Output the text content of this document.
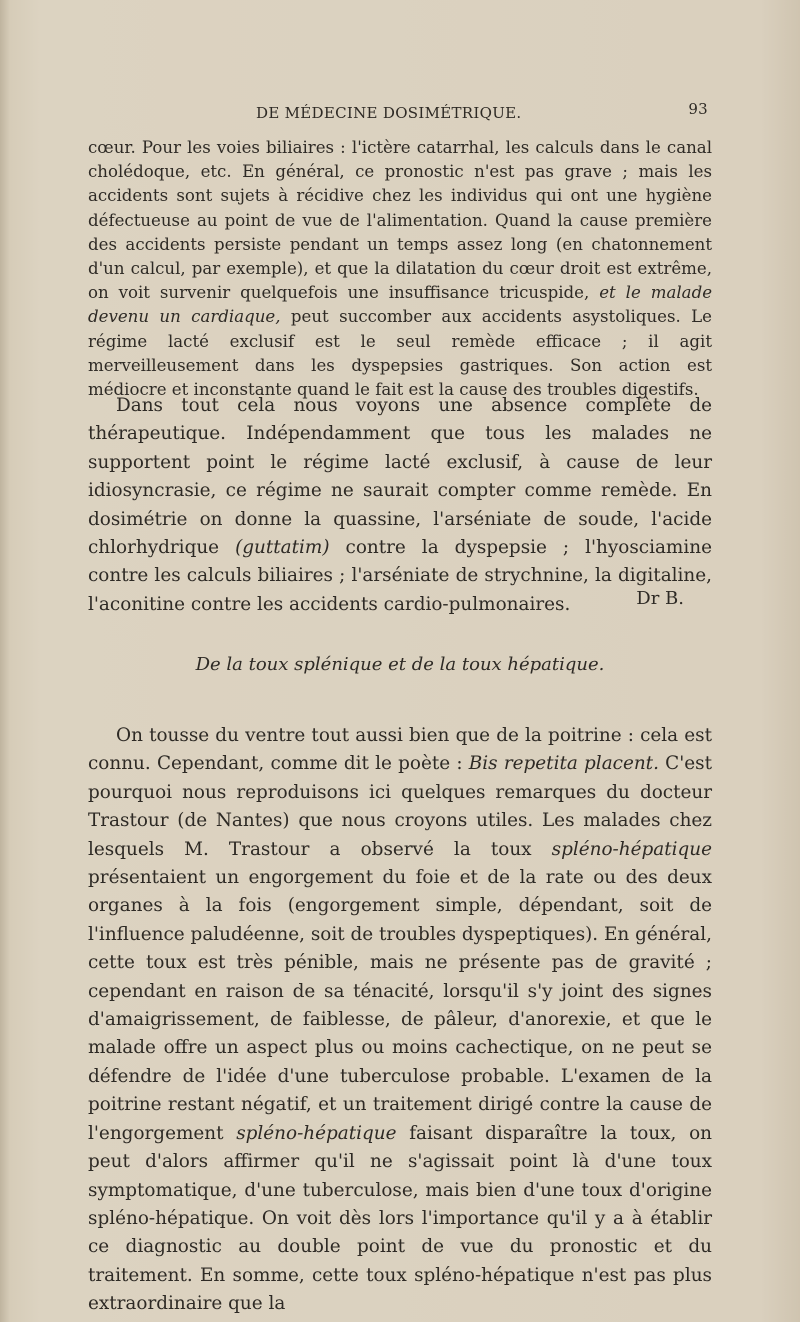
DE MÉDECINE DOSIMÉTRIQUE.	93

cœur. Pour les voies biliaires : l'ictère catarrhal, les calculs dans le canal cholédoque, etc. En général, ce pronostic n'est pas grave ; mais les accidents sont sujets à récidive chez les individus qui ont une hygiène défectueuse au point de vue de l'alimentation. Quand la cause première des accidents persiste pendant un temps assez long (en chatonnement d'un calcul, par exemple), et que la dilatation du cœur droit est extrême, on voit survenir quelquefois une insuffisance tricuspide, et le malade devenu un cardiaque, peut succomber aux accidents asystoliques. Le régime lacté exclusif est le seul remède efficace ; il agit merveilleusement dans les dyspepsies gastriques. Son action est médiocre et inconstante quand le fait est la cause des troubles digestifs.

Dans tout cela nous voyons une absence complète de thérapeutique. Indépendamment que tous les malades ne supportent point le régime lacté exclusif, à cause de leur idiosyncrasie, ce régime ne saurait compter comme remède. En dosimétrie on donne la quassine, l'arséniate de soude, l'acide chlorhydrique (guttatim) contre la dyspepsie ; l'hyosciamine contre les calculs biliaires ; l'arséniate de strychnine, la digitaline, l'aconitine contre les accidents cardio-pulmonaires.	Dr B.
De la toux splénique et de la toux hépatique.

On tousse du ventre tout aussi bien que de la poitrine : cela est connu. Cependant, comme dit le poète : Bis repetita placent. C'est pourquoi nous reproduisons ici quelques remarques du docteur Trastour (de Nantes) que nous croyons utiles. Les malades chez lesquels M. Trastour a observé la toux spléno-hépatique présentaient un engorgement du foie et de la rate ou des deux organes à la fois (engorgement simple, dépendant, soit de l'influence paludéenne, soit de troubles dyspeptiques). En général, cette toux est très pénible, mais ne présente pas de gravité ; cependant en raison de sa ténacité, lorsqu'il s'y joint des signes d'amaigrissement, de faiblesse, de pâleur, d'anorexie, et que le malade offre un aspect plus ou moins cachectique, on ne peut se défendre de l'idée d'une tuberculose probable. L'examen de la poitrine restant négatif, et un traitement dirigé contre la cause de l'engorgement spléno-hépatique faisant disparaître la toux, on peut d'alors affirmer qu'il ne s'agissait point là d'une toux symptomatique, d'une tuberculose, mais bien d'une toux d'origine spléno-hépatique. On voit dès lors l'importance qu'il y a à établir ce diagnostic au double point de vue du pronostic et du traitement. En somme, cette toux spléno-hépatique n'est pas plus extraordinaire que la
